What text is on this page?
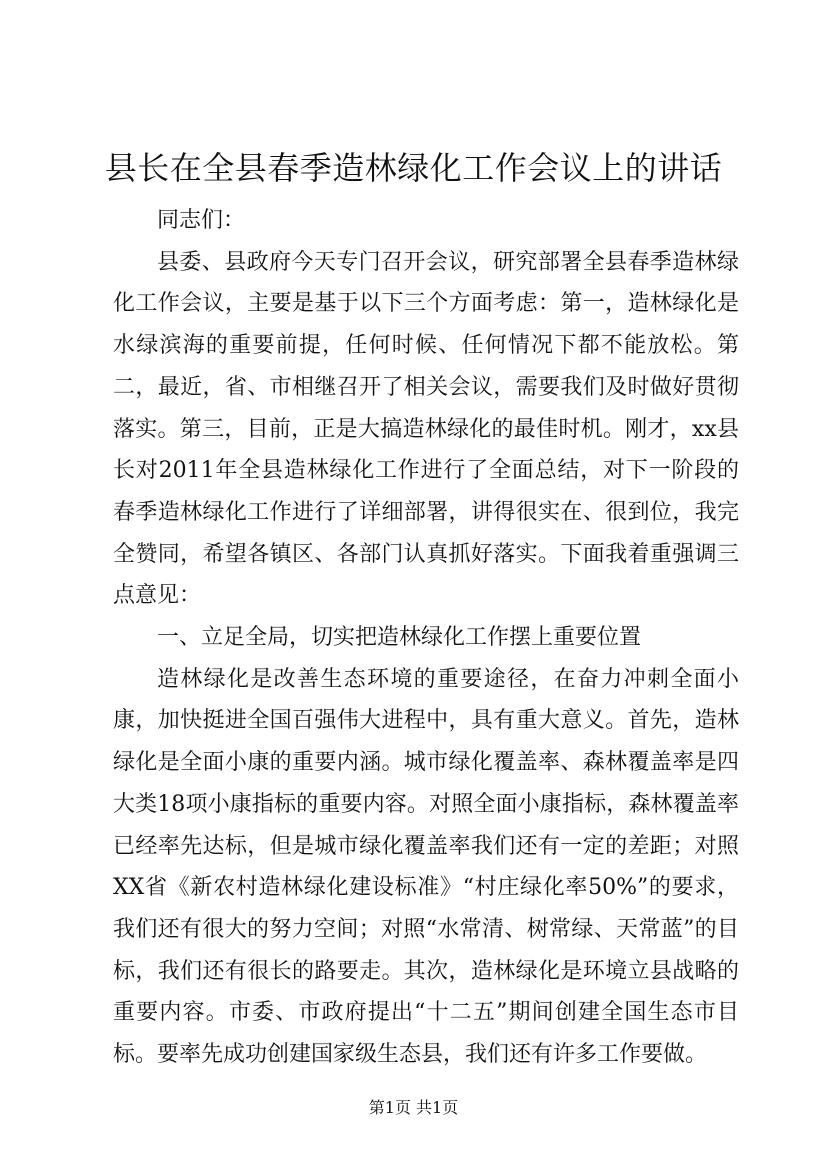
县长在全县春季造林绿化工作会议上的讲话

同志们：

县委、县政府今天专门召开会议，研究部署全县春季造林绿化工作会议，主要是基于以下三个方面考虑：第一，造林绿化是水绿滨海的重要前提，任何时候、任何情况下都不能放松。第二，最近，省、市相继召开了相关会议，需要我们及时做好贯彻落实。第三，目前，正是大搞造林绿化的最佳时机。刚才，xx县长对2011年全县造林绿化工作进行了全面总结，对下一阶段的春季造林绿化工作进行了详细部署，讲得很实在、很到位，我完全赞同，希望各镇区、各部门认真抓好落实。下面我着重强调三点意见：

一、立足全局，切实把造林绿化工作摆上重要位置

造林绿化是改善生态环境的重要途径，在奋力冲刺全面小康，加快挺进全国百强伟大进程中，具有重大意义。首先，造林绿化是全面小康的重要内涵。城市绿化覆盖率、森林覆盖率是四大类18项小康指标的重要内容。对照全面小康指标，森林覆盖率已经率先达标，但是城市绿化覆盖率我们还有一定的差距；对照XX省《新农村造林绿化建设标准》“村庄绿化率50%”的要求，我们还有很大的努力空间；对照“水常清、树常绿、天常蓝”的目标，我们还有很长的路要走。其次，造林绿化是环境立县战略的重要内容。市委、市政府提出“十二五”期间创建全国生态市目标。要率先成功创建国家级生态县，我们还有许多工作要做。

第1页 共1页
